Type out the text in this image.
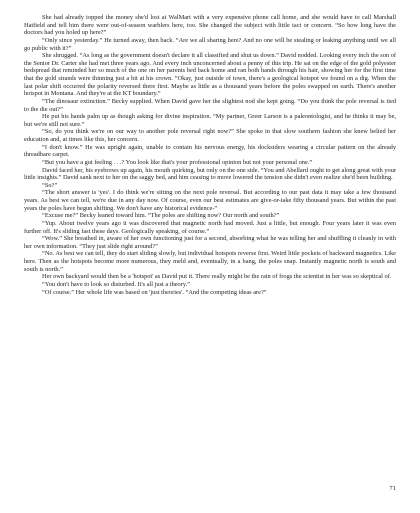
She had already topped the money she'd lost at WalMart with a very expensive phone call home, and she would have to call Marshall Hatfield and tell him there were out-of-season warblers here, too. She changed the subject with little tact or concern. “So how long have the doctors had you holed up here?”

“Only since yesterday.” He turned away, then back. “Are we all sharing here? And no one will be stealing or leaking anything until we all go public with it?”

She shrugged. “As long as the government doesn't declare it all classified and shut us down.” David nodded. Looking every inch the son of the Senior Dr. Carter she had met three years ago. And every inch unconcerned about a penny of this trip. He sat on the edge of the gold polyester bedspread that reminded her so much of the one on her parents bed back home and ran both hands through his hair, showing her for the first time that the gold strands were thinning just a bit at his crown. “Okay, just outside of town, there's a geological hotspot we found on a dig. When the last polar shift occurred the polarity reversed there first. Maybe as little as a thousand years before the poles swapped on earth. There's another hotspot in Montana. And they're at the KT boundary.”

“The dinosaur extinction.” Becky supplied. When David gave her the slightest nod she kept going. “Do you think the pole reversal is tied to the die out?”

He put his hands palm up as though asking for divine inspiration. “My partner, Greer Larson is a paleontologist, and he thinks it may be, but we're still not sure.”

“So, do you think we're on our way to another pole reversal right now?” She spoke in that slow southern fashion she knew belied her education and, at times like this, her concern.

“I don't know.” He was upright again, unable to contain his nervous energy, his docksiders wearing a circular pattern on the already threadbare carpet.

“But you have a gut feeling . . .? You look like that's your professional opinion but not your personal one.”

David faced her, his eyebrows up again, his mouth quirking, but only on the one side. “You and Abellard ought to get along great with your little insights.” David sank next to her on the saggy bed, and him ceasing to move lowered the tension she didn't even realize she'd been building.

“So?”

“The short answer is 'yes'. I do think we're sitting on the next pole reversal. But according to our past data it may take a few thousand years. As best we can tell, we're due in any day now. Of course, even our best estimates are give-or-take fifty thousand years. But within the past years the poles have begun shifting. We don't have any historical evidence-”

“Excuse me?” Becky leaned toward him. “The poles are shifting now? Our north and south?”

“Yup. About twelve years ago it was discovered that magnetic north had moved. Just a little, but enough. Four years later it was even further off. It's sliding fast these days. Geologically speaking, of course.”

“Wow.” She breathed in, aware of her own functioning just for a second, absorbing what he was telling her and shuffling it cleanly in with her own information. “They just slide right around?”

“No. As best we can tell, they do start sliding slowly, but individual hotspots reverse first. Weird little pockets of backward magnetics. Like here. Then as the hotspots become more numerous, they meld and, eventually, in a bang, the poles snap. Instantly magnetic north is south and south is north.”

Her own backyard would then be a 'hotspot' as David put it. There really might be the rain of frogs the scientist in her was so skeptical of.

“You don't have to look so disturbed. It's all just a theory.”

“Of course.” Her whole life was based on 'just theories'. “And the competing ideas are?”

71
